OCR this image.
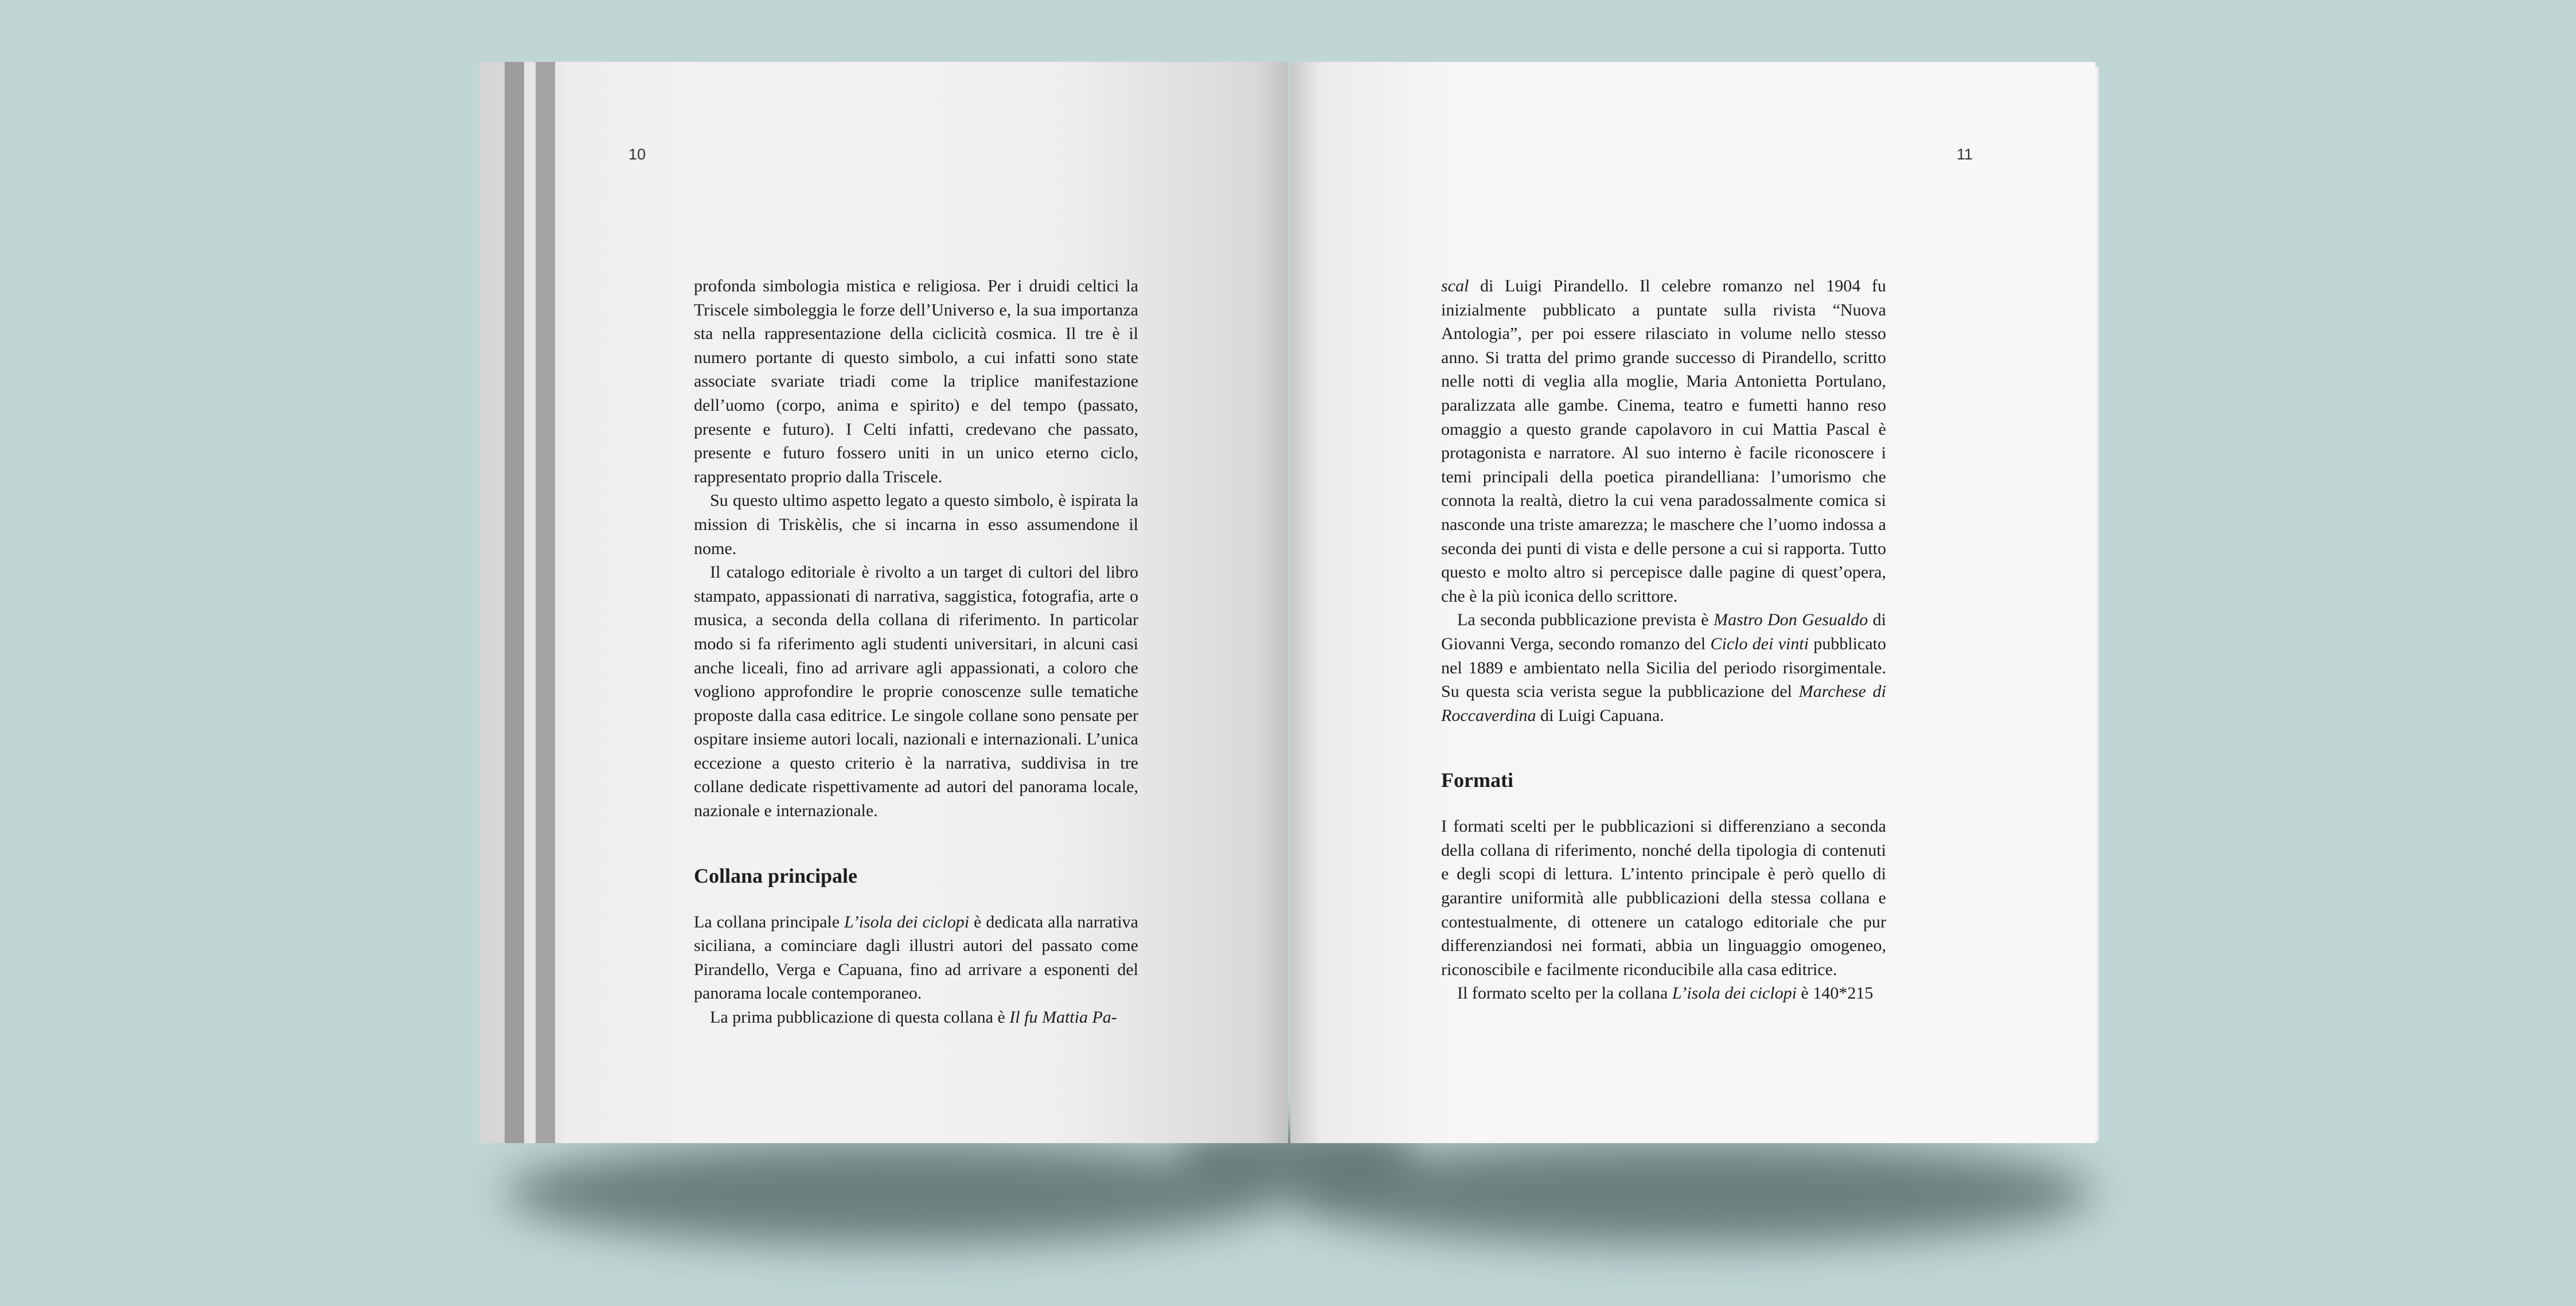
10

profonda simbologia mistica e religiosa. Per i druidi celtici la Triscele simboleggia le forze dell’Universo e, la sua importanza sta nella rappresentazione della ciclicità cosmica. Il tre è il numero portante di questo simbolo, a cui infatti sono state associate svariate triadi come la triplice manifestazione dell’uomo (corpo, anima e spirito) e del tempo (passato, presente e futuro). I Celti infatti, credevano che passato, presente e futuro fossero uniti in un unico eterno ciclo, rappresentato proprio dalla Triscele.

Su questo ultimo aspetto legato a questo simbolo, è ispirata la mission di Triskèlis, che si incarna in esso assumendone il nome.

Il catalogo editoriale è rivolto a un target di cultori del libro stampato, appassionati di narrativa, saggistica, fotografia, arte o musica, a seconda della collana di riferimento. In particolar modo si fa riferimento agli studenti universitari, in alcuni casi anche liceali, fino ad arrivare agli appassionati, a coloro che vogliono approfondire le proprie conoscenze sulle tematiche proposte dalla casa editrice. Le singole collane sono pensate per ospitare insieme autori locali, nazionali e internazionali. L’unica eccezione a questo criterio è la narrativa, suddivisa in tre collane dedicate rispettivamente ad autori del panorama locale, nazionale e internazionale.

Collana principale

La collana principale L’isola dei ciclopi è dedicata alla narrativa siciliana, a cominciare dagli illustri autori del passato come Pirandello, Verga e Capuana, fino ad arrivare a esponenti del panorama locale contemporaneo.

La prima pubblicazione di questa collana è Il fu Mattia Pa-

11

scal di Luigi Pirandello. Il celebre romanzo nel 1904 fu inizialmente pubblicato a puntate sulla rivista “Nuova Antologia”, per poi essere rilasciato in volume nello stesso anno. Si tratta del primo grande successo di Pirandello, scritto nelle notti di veglia alla moglie, Maria Antonietta Portulano, paralizzata alle gambe. Cinema, teatro e fumetti hanno reso omaggio a questo grande capolavoro in cui Mattia Pascal è protagonista e narratore. Al suo interno è facile riconoscere i temi principali della poetica pirandelliana: l’umorismo che connota la realtà, dietro la cui vena paradossalmente comica si nasconde una triste amarezza; le maschere che l’uomo indossa a seconda dei punti di vista e delle persone a cui si rapporta. Tutto questo e molto altro si percepisce dalle pagine di quest’opera, che è la più iconica dello scrittore.

La seconda pubblicazione prevista è Mastro Don Gesualdo di Giovanni Verga, secondo romanzo del Ciclo dei vinti pubblicato nel 1889 e ambientato nella Sicilia del periodo risorgimentale. Su questa scia verista segue la pubblicazione del Marchese di Roccaverdina di Luigi Capuana.

Formati

I formati scelti per le pubblicazioni si differenziano a seconda della collana di riferimento, nonché della tipologia di contenuti e degli scopi di lettura. L’intento principale è però quello di garantire uniformità alle pubblicazioni della stessa collana e contestualmente, di ottenere un catalogo editoriale che pur differenziandosi nei formati, abbia un linguaggio omogeneo, riconoscibile e facilmente riconducibile alla casa editrice.

Il formato scelto per la collana L’isola dei ciclopi è 140*215
